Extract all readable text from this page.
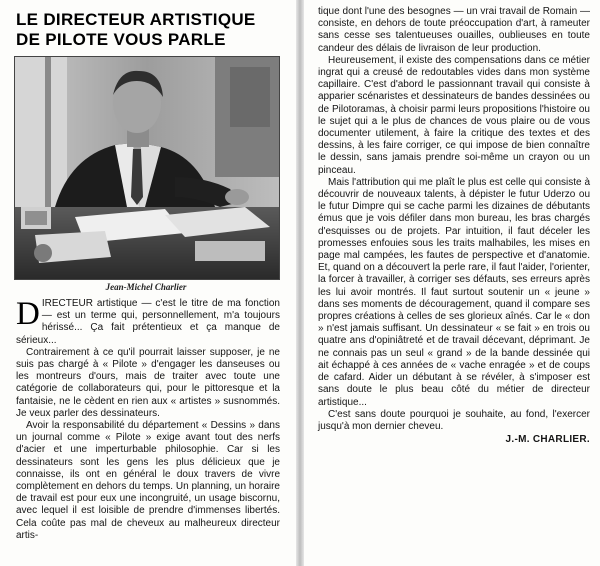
LE DIRECTEUR ARTISTIQUE
DE PILOTE VOUS PARLE
Jean-Michel Charlier

DIRECTEUR artistique — c'est le titre de ma fonction — est un terme qui, personnellement, m'a toujours hérissé... Ça fait prétentieux et ça manque de sérieux...

Contrairement à ce qu'il pourrait laisser supposer, je ne suis pas chargé à « Pilote » d'engager les danseuses ou les montreurs d'ours, mais de traiter avec toute une catégorie de collaborateurs qui, pour le pittoresque et la fantaisie, ne le cèdent en rien aux « artistes » susnommés. Je veux parler des dessinateurs.

Avoir la responsabilité du département « Dessins » dans un journal comme « Pilote » exige avant tout des nerfs d'acier et une imperturbable philosophie. Car si les dessinateurs sont les gens les plus délicieux que je connaisse, ils ont en général le doux travers de vivre complètement en dehors du temps. Un planning, un horaire de travail est pour eux une incongruité, un usage biscornu, avec lequel il est loisible de prendre d'immenses libertés. Cela coûte pas mal de cheveux au malheureux directeur artis-

tique dont l'une des besognes — un vrai travail de Romain — consiste, en dehors de toute préoccupation d'art, à rameuter sans cesse ses talentueuses ouailles, oublieuses en toute candeur des délais de livraison de leur production.

Heureusement, il existe des compensations dans ce métier ingrat qui a creusé de redoutables vides dans mon système capillaire. C'est d'abord le passionnant travail qui consiste à apparier scénaristes et dessinateurs de bandes dessinées ou de Pilotoramas, à choisir parmi leurs propositions l'histoire ou le sujet qui a le plus de chances de vous plaire ou de vous documenter utilement, à faire la critique des textes et des dessins, à les faire corriger, ce qui impose de bien connaître le dessin, sans jamais prendre soi-même un crayon ou un pinceau.

Mais l'attribution qui me plaît le plus est celle qui consiste à découvrir de nouveaux talents, à dépister le futur Uderzo ou le futur Dimpre qui se cache parmi les dizaines de débutants émus que je vois défiler dans mon bureau, les bras chargés d'esquisses ou de projets. Par intuition, il faut déceler les promesses enfouies sous les traits malhabiles, les mises en page mal campées, les fautes de perspective et d'anatomie. Et, quand on a découvert la perle rare, il faut l'aider, l'orienter, la forcer à travailler, à corriger ses défauts, ses erreurs après les lui avoir montrés. Il faut surtout soutenir un « jeune » dans ses moments de découragement, quand il compare ses propres créations à celles de ses glorieux aînés. Car le « don » n'est jamais suffisant. Un dessinateur « se fait » en trois ou quatre ans d'opiniâtreté et de travail décevant, déprimant. Je ne connais pas un seul « grand » de la bande dessinée qui ait échappé à ces années de « vache enragée » et de coups de cafard. Aider un débutant à se révéler, à s'imposer est sans doute le plus beau côté du métier de directeur artistique...

C'est sans doute pourquoi je souhaite, au fond, l'exercer jusqu'à mon dernier cheveu.

J.-M. CHARLIER.
